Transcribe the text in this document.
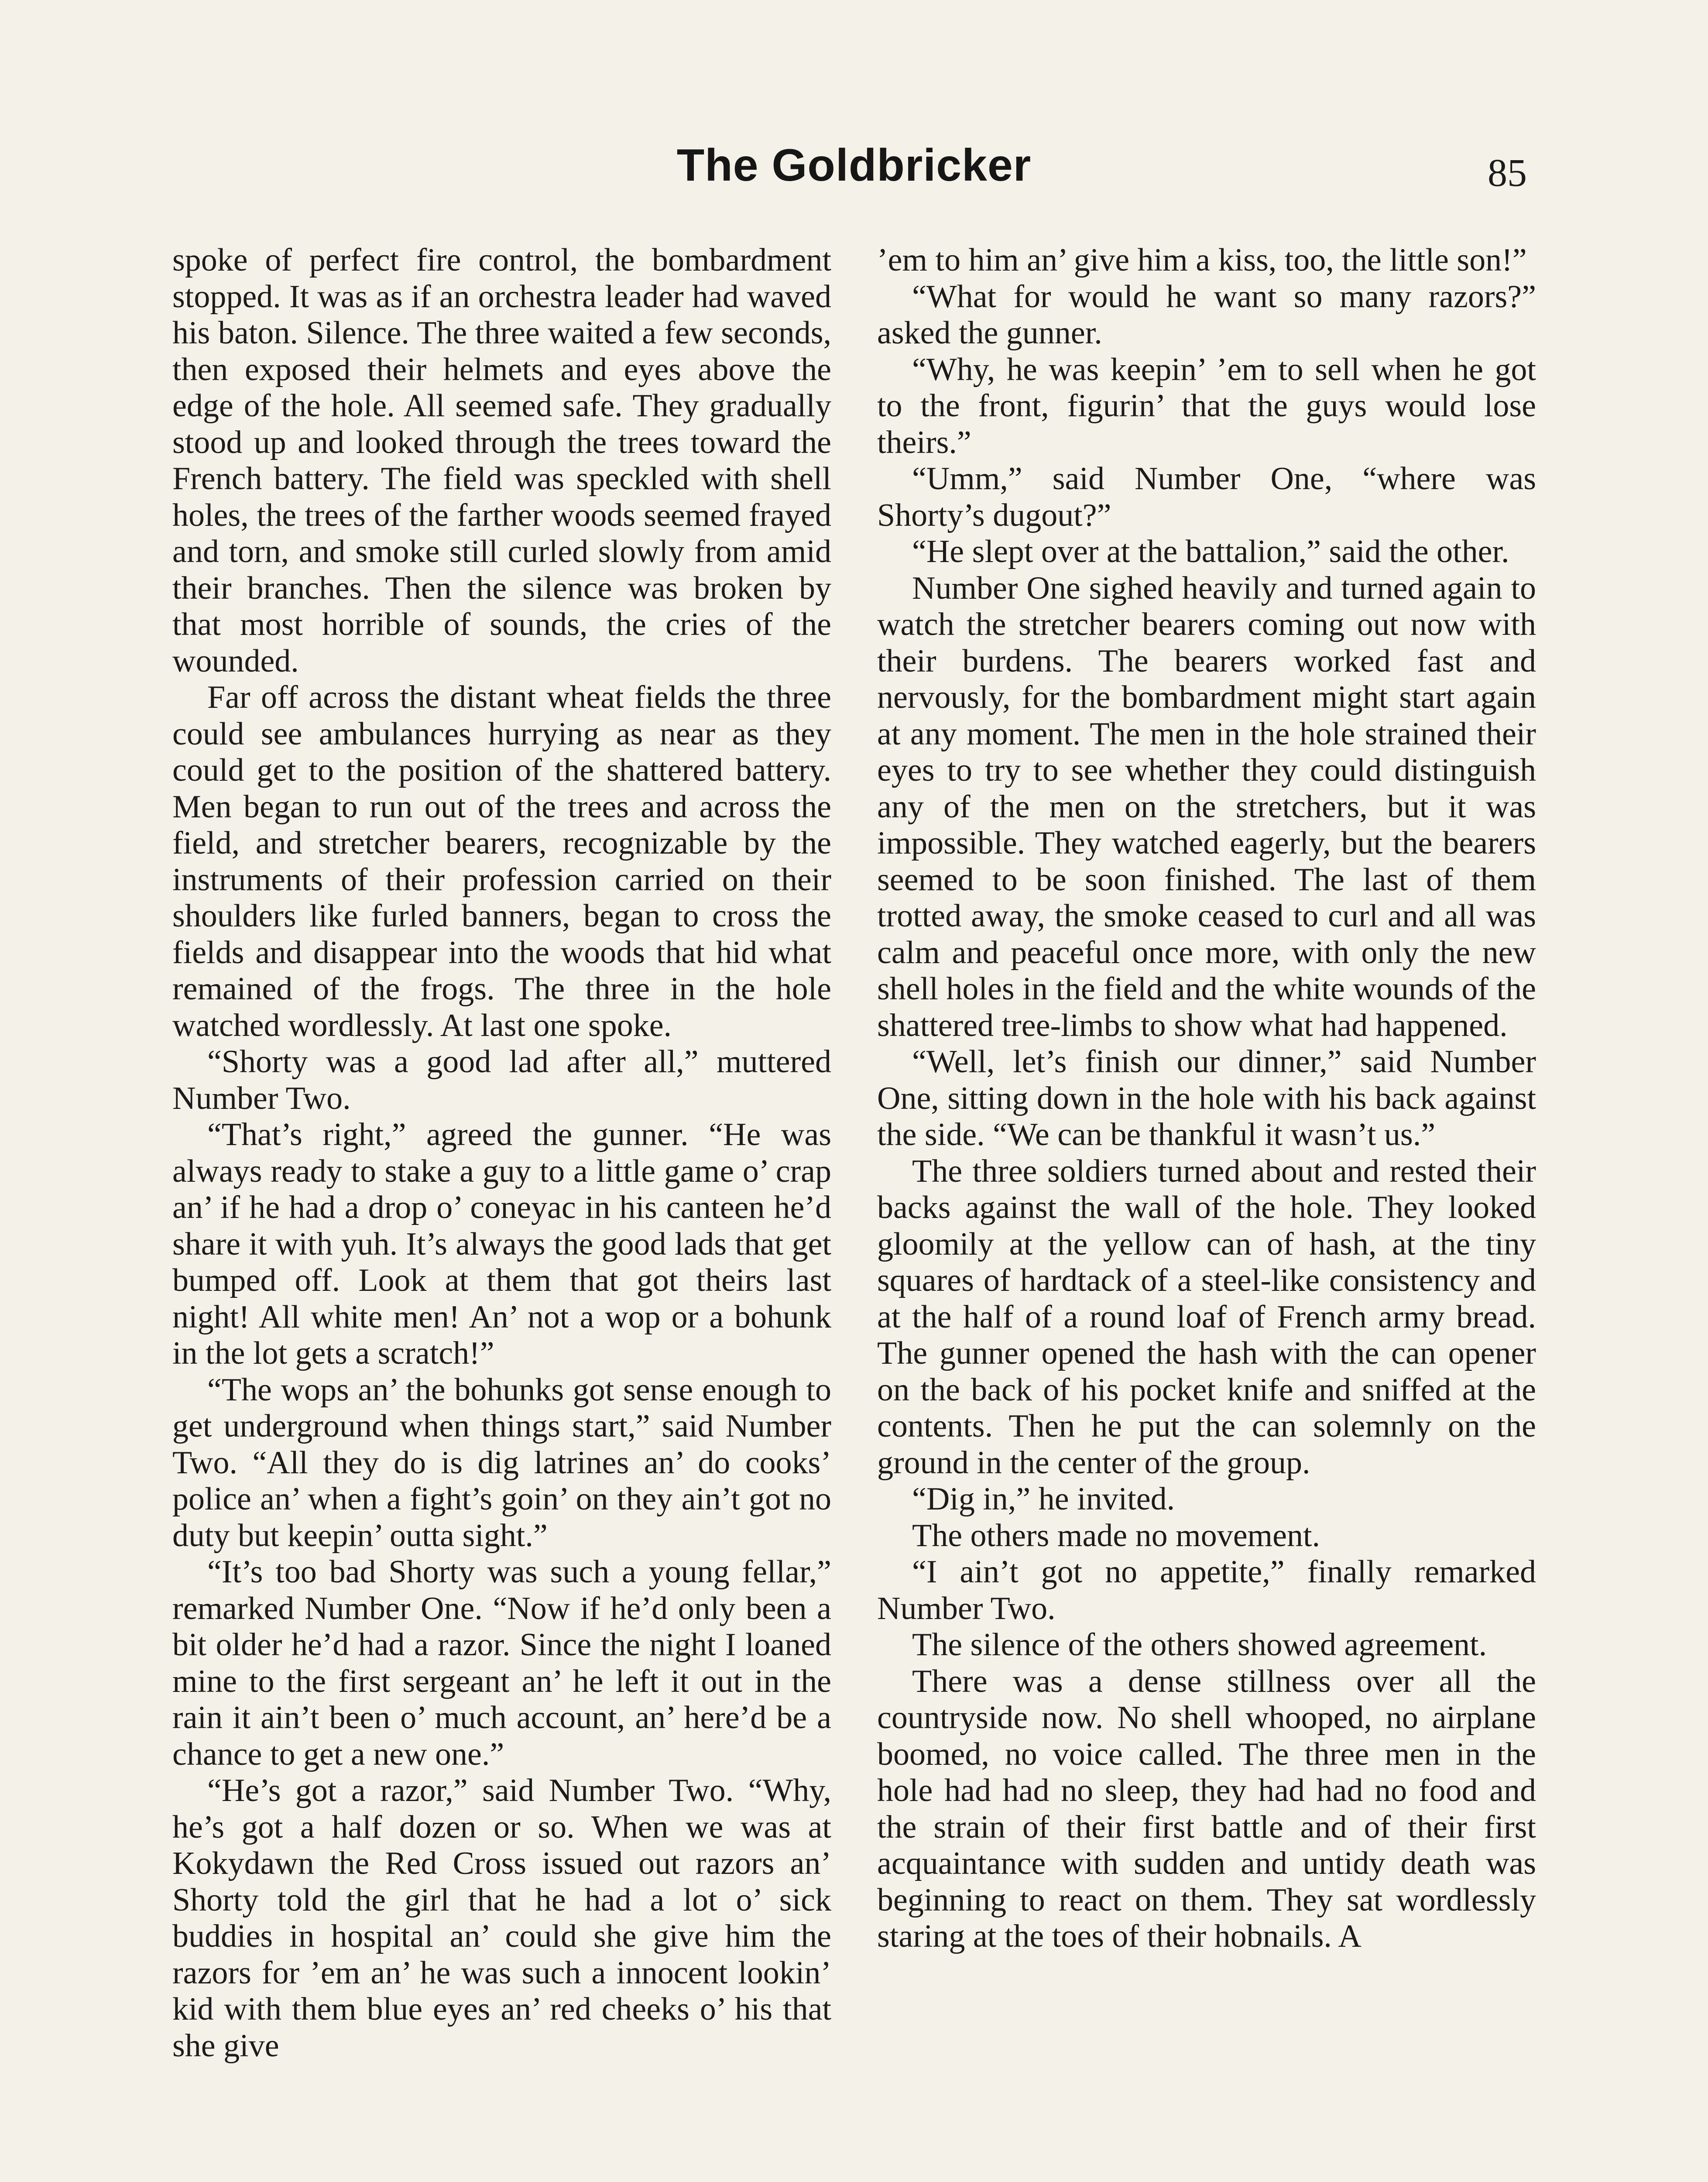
The Goldbricker	85

spoke of perfect fire control, the bombardment stopped. It was as if an orchestra leader had waved his baton. Silence. The three waited a few seconds, then exposed their helmets and eyes above the edge of the hole. All seemed safe. They gradually stood up and looked through the trees toward the French battery. The field was speckled with shell holes, the trees of the farther woods seemed frayed and torn, and smoke still curled slowly from amid their branches. Then the silence was broken by that most horrible of sounds, the cries of the wounded.

Far off across the distant wheat fields the three could see ambulances hurrying as near as they could get to the position of the shattered battery. Men began to run out of the trees and across the field, and stretcher bearers, recognizable by the instruments of their profession carried on their shoulders like furled banners, began to cross the fields and disappear into the woods that hid what remained of the frogs. The three in the hole watched wordlessly. At last one spoke.

“Shorty was a good lad after all,” muttered Number Two.

“That’s right,” agreed the gunner. “He was always ready to stake a guy to a little game o’ crap an’ if he had a drop o’ coneyac in his canteen he’d share it with yuh. It’s always the good lads that get bumped off. Look at them that got theirs last night! All white men! An’ not a wop or a bohunk in the lot gets a scratch!”

“The wops an’ the bohunks got sense enough to get underground when things start,” said Number Two. “All they do is dig latrines an’ do cooks’ police an’ when a fight’s goin’ on they ain’t got no duty but keepin’ outta sight.”

“It’s too bad Shorty was such a young fellar,” remarked Number One. “Now if he’d only been a bit older he’d had a razor. Since the night I loaned mine to the first sergeant an’ he left it out in the rain it ain’t been o’ much account, an’ here’d be a chance to get a new one.”

“He’s got a razor,” said Number Two. “Why, he’s got a half dozen or so. When we was at Kokydawn the Red Cross issued out razors an’ Shorty told the girl that he had a lot o’ sick buddies in hospital an’ could she give him the razors for ’em an’ he was such a innocent lookin’ kid with them blue eyes an’ red cheeks o’ his that she give

’em to him an’ give him a kiss, too, the little son!”

“What for would he want so many razors?” asked the gunner.

“Why, he was keepin’ ’em to sell when he got to the front, figurin’ that the guys would lose theirs.”

“Umm,” said Number One, “where was Shorty’s dugout?”

“He slept over at the battalion,” said the other.

Number One sighed heavily and turned again to watch the stretcher bearers coming out now with their burdens. The bearers worked fast and nervously, for the bombardment might start again at any moment. The men in the hole strained their eyes to try to see whether they could distinguish any of the men on the stretchers, but it was impossible. They watched eagerly, but the bearers seemed to be soon finished. The last of them trotted away, the smoke ceased to curl and all was calm and peaceful once more, with only the new shell holes in the field and the white wounds of the shattered tree-limbs to show what had happened.

“Well, let’s finish our dinner,” said Number One, sitting down in the hole with his back against the side. “We can be thankful it wasn’t us.”

The three soldiers turned about and rested their backs against the wall of the hole. They looked gloomily at the yellow can of hash, at the tiny squares of hardtack of a steel-like consistency and at the half of a round loaf of French army bread. The gunner opened the hash with the can opener on the back of his pocket knife and sniffed at the contents. Then he put the can solemnly on the ground in the center of the group.

“Dig in,” he invited.

The others made no movement.

“I ain’t got no appetite,” finally remarked Number Two.

The silence of the others showed agreement.

There was a dense stillness over all the countryside now. No shell whooped, no airplane boomed, no voice called. The three men in the hole had had no sleep, they had had no food and the strain of their first battle and of their first acquaintance with sudden and untidy death was beginning to react on them. They sat wordlessly staring at the toes of their hobnails. A
